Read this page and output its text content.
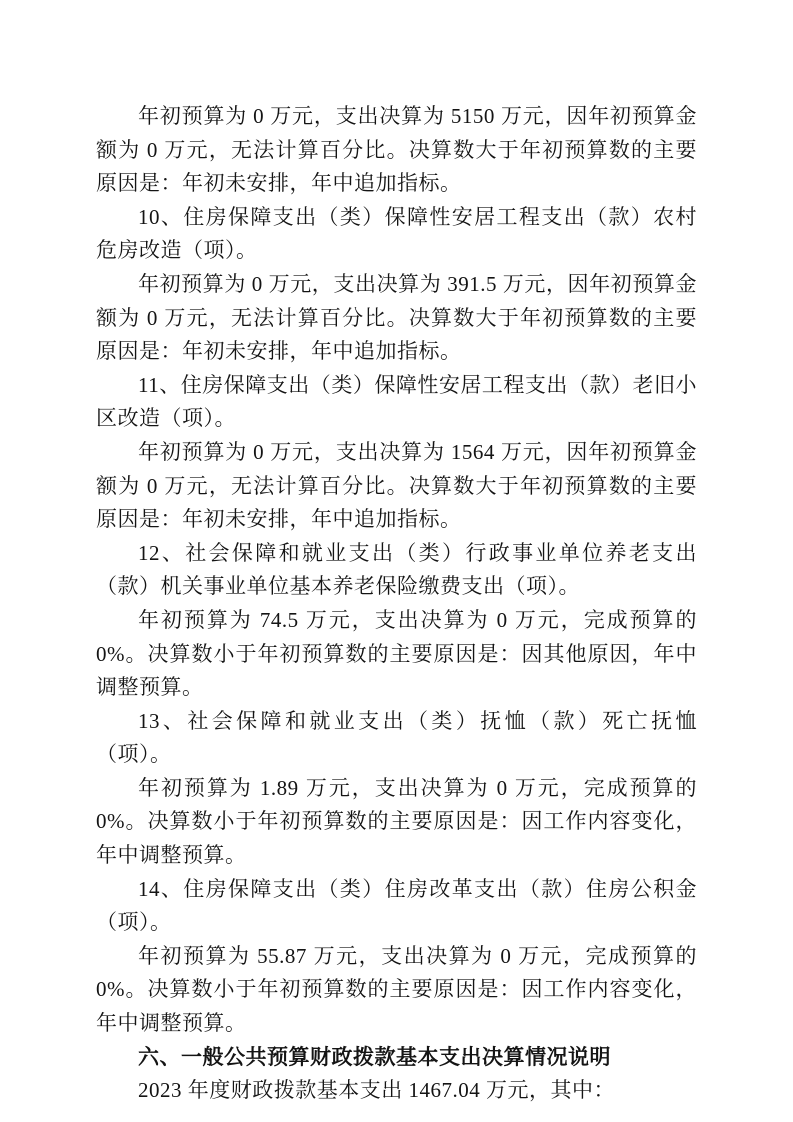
年初预算为 0 万元，支出决算为 5150 万元，因年初预算金额为 0 万元，无法计算百分比。决算数大于年初预算数的主要原因是：年初未安排，年中追加指标。

10、住房保障支出（类）保障性安居工程支出（款）农村危房改造（项）。

年初预算为 0 万元，支出决算为 391.5 万元，因年初预算金额为 0 万元，无法计算百分比。决算数大于年初预算数的主要原因是：年初未安排，年中追加指标。

11、住房保障支出（类）保障性安居工程支出（款）老旧小区改造（项）。

年初预算为 0 万元，支出决算为 1564 万元，因年初预算金额为 0 万元，无法计算百分比。决算数大于年初预算数的主要原因是：年初未安排，年中追加指标。

12、社会保障和就业支出（类）行政事业单位养老支出（款）机关事业单位基本养老保险缴费支出（项）。

年初预算为 74.5 万元，支出决算为 0 万元，完成预算的 0%。决算数小于年初预算数的主要原因是：因其他原因，年中调整预算。

13、社会保障和就业支出（类）抚恤（款）死亡抚恤（项）。

年初预算为 1.89 万元，支出决算为 0 万元，完成预算的 0%。决算数小于年初预算数的主要原因是：因工作内容变化，年中调整预算。

14、住房保障支出（类）住房改革支出（款）住房公积金（项）。

年初预算为 55.87 万元，支出决算为 0 万元，完成预算的 0%。决算数小于年初预算数的主要原因是：因工作内容变化，年中调整预算。

六、一般公共预算财政拨款基本支出决算情况说明

2023 年度财政拨款基本支出 1467.04 万元，其中：
